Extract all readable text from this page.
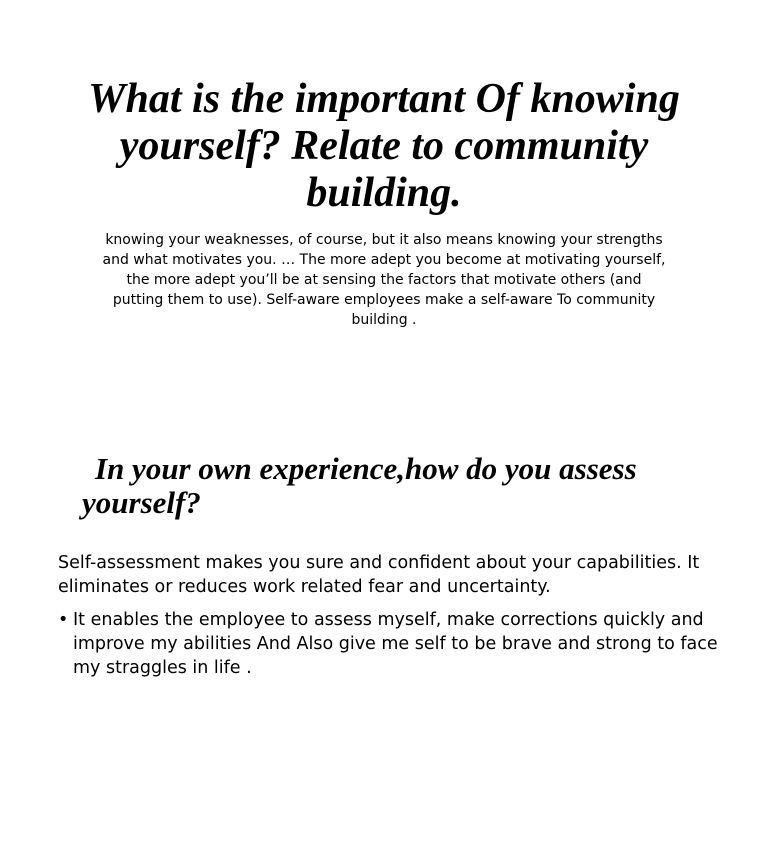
What is the important Of knowing yourself? Relate to community building.

knowing your weaknesses, of course, but it also means knowing your strengths and what motivates you. … The more adept you become at motivating yourself, the more adept you’ll be at sensing the factors that motivate others (and putting them to use). Self-aware employees make a self-aware To community building .

In your own experience,how do you assess yourself?

Self-assessment makes you sure and confident about your capabilities. It eliminates or reduces work related fear and uncertainty.

• It enables the employee to assess myself, make corrections quickly and improve my abilities And Also give me self to be brave and strong to face my straggles in life .
